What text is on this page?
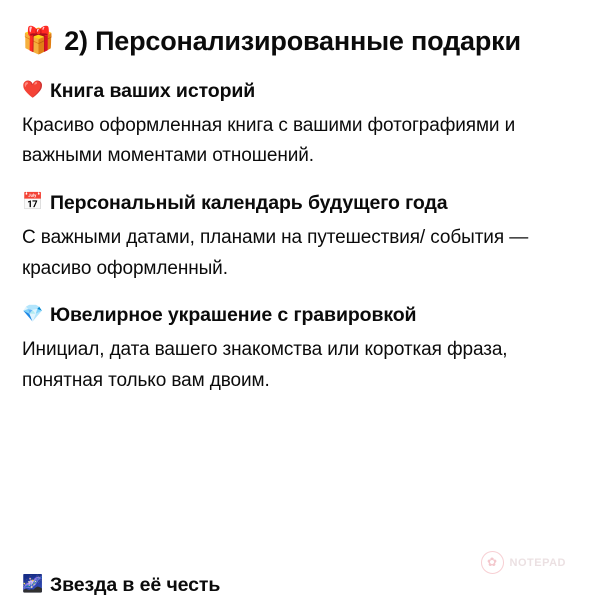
🎁 2) Персонализированные подарки
❤️ Книга ваших историй

Красиво оформленная книга с вашими фотографиями и важными моментами отношений.

📅 Персональный календарь будущего года

С важными датами, планами на путешествия/ события — красиво оформленный.

💎 Ювелирное украшение с гравировкой

Инициал, дата вашего знакомства или короткая фраза, понятная только вам двоим.

🌌 Звезда в её честь
✿	NOTEPAD
